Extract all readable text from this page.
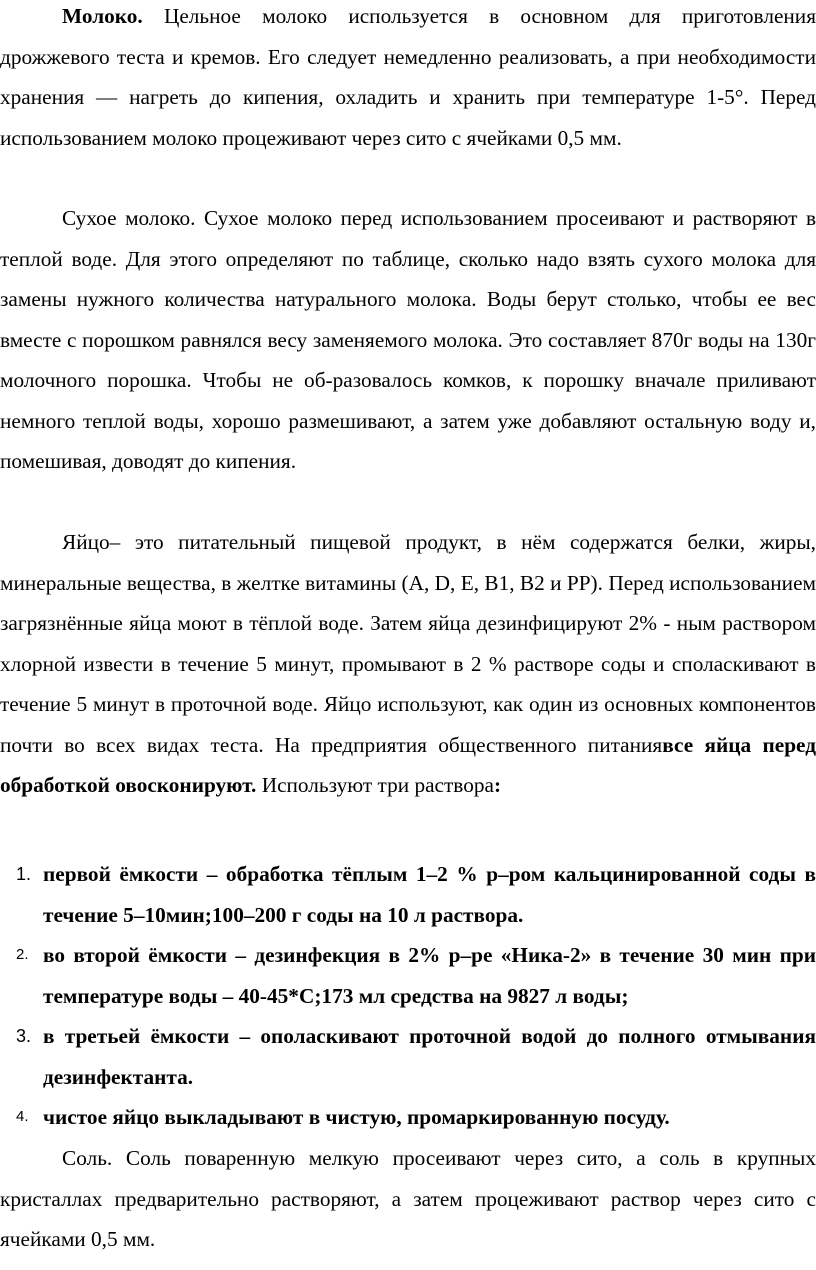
Молоко. Цельное молоко используется в основном для приготовления дрожжевого теста и кремов. Его следует немедленно реализовать, а при необходимости хранения — нагреть до кипения, охладить и хранить при температуре 1-5°. Перед использованием молоко процеживают через сито с ячейками 0,5 мм.

Сухое молоко. Сухое молоко перед использованием просеивают и растворяют в теплой воде. Для этого определяют по таблице, сколько надо взять сухого молока для замены нужного количества натурального молока. Воды берут столько, чтобы ее вес вместе с порошком равнялся весу заменяемого молока. Это составляет 870г воды на 130г молочного порошка. Чтобы не об-разовалось комков, к порошку вначале приливают немного теплой воды, хорошо размешивают, а затем уже добавляют остальную воду и, помешивая, доводят до кипения.

Яйцо– это питательный пищевой продукт, в нём содержатся белки, жиры, минеральные вещества, в желтке витамины (A, D, E, B1, B2 и PP). Перед использованием загрязнённые яйца моют в тёплой воде. Затем яйца дезинфицируют 2% - ным раствором хлорной извести в течение 5 минут, промывают в 2 % растворе соды и споласкивают в течение 5 минут в проточной воде. Яйцо используют, как один из основных компонентов почти во всех видах теста. На предприятия общественного питаниявсе яйца перед обработкой овосконируют. Используют три раствора:

1. первой ёмкости – обработка тёплым 1–2 % р–ром кальцинированной соды в течение 5–10мин;100–200 г соды на 10 л раствора.
2. во второй ёмкости – дезинфекция в 2% р–ре «Ника-2» в течение 30 мин при температуре воды – 40-45*С;173 мл средства на 9827 л воды;
3. в третьей ёмкости – ополаскивают проточной водой до полного отмывания дезинфектанта.
4. чистое яйцо выкладывают в чистую, промаркированную посуду.

Соль. Соль поваренную мелкую просеивают через сито, а соль в крупных кристаллах предварительно растворяют, а затем процеживают раствор через сито с ячейками 0,5 мм.
